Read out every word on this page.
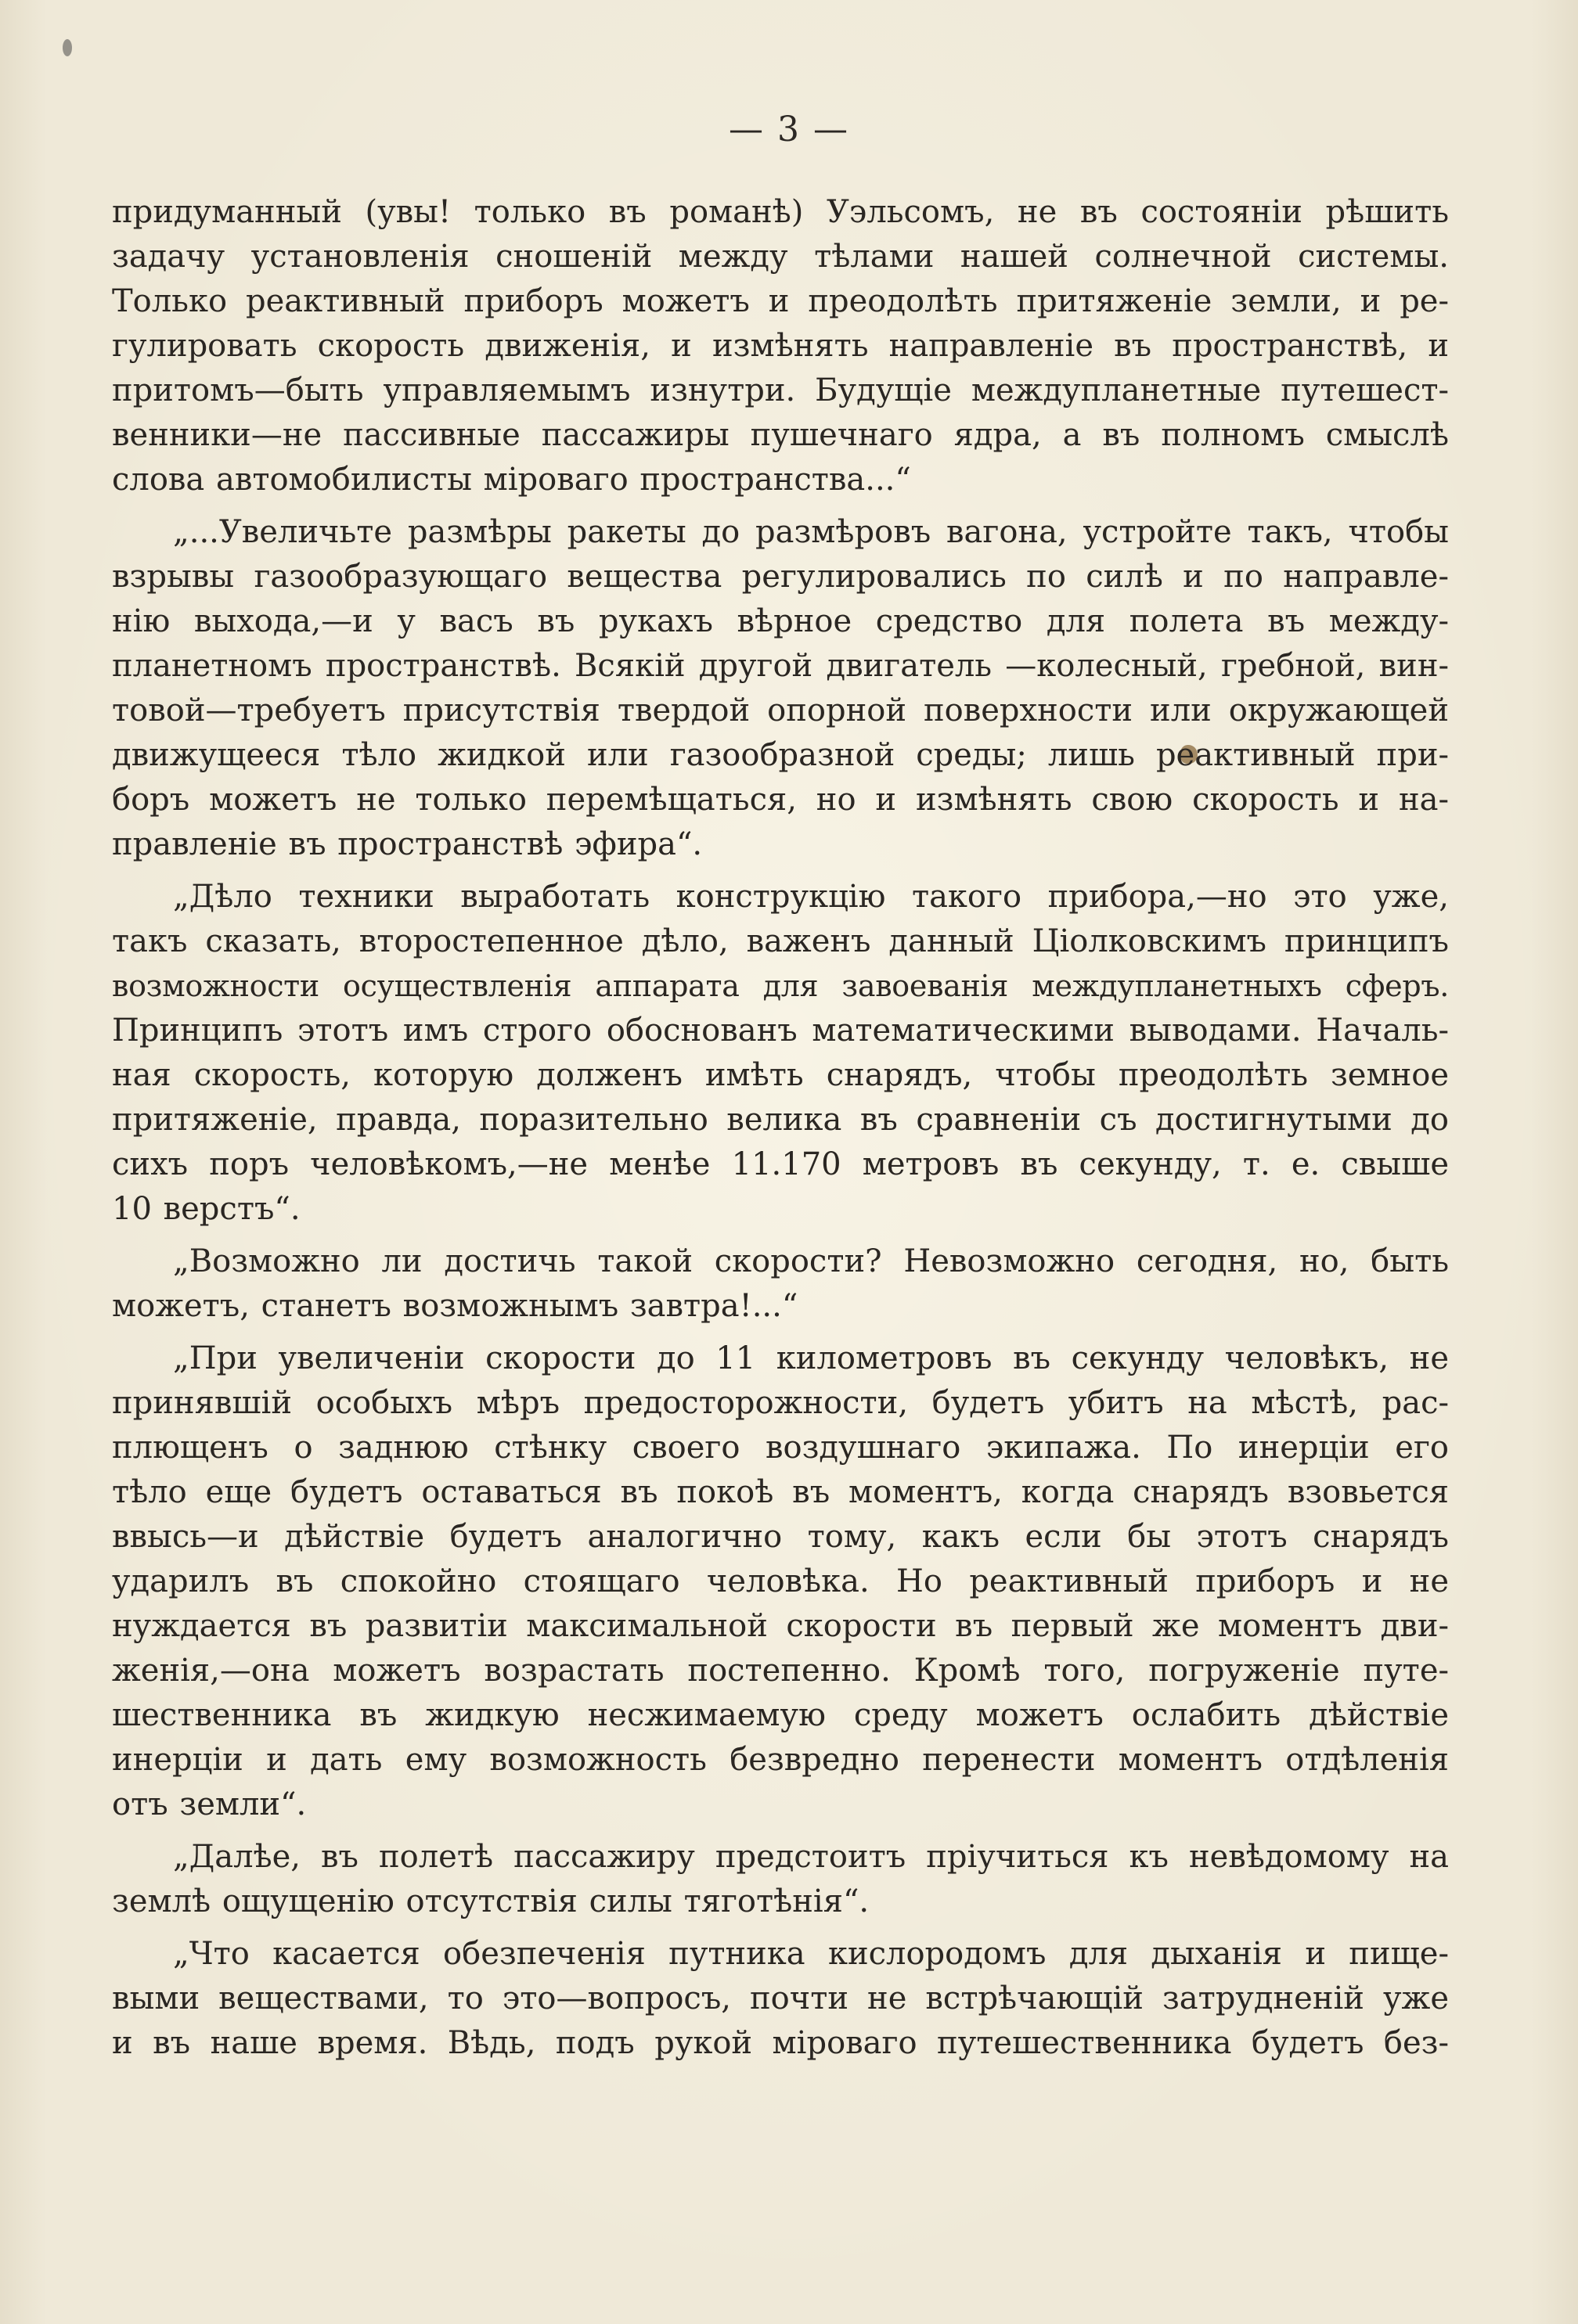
— 3 —
придуманный (увы! только въ романѣ) Уэльсомъ, не въ состояніи рѣшить
задачу установленія сношеній между тѣлами нашей солнечной системы.
Только реактивный приборъ можетъ и преодолѣть притяженіе земли, и ре-
гулировать скорость движенія, и измѣнять направленіе въ пространствѣ, и
притомъ—быть управляемымъ изнутри. Будущіе междупланетные путешест-
венники—не пассивные пассажиры пушечнаго ядра, а въ полномъ смыслѣ
слова автомобилисты міроваго пространства...“
„...Увеличьте размѣры ракеты до размѣровъ вагона, устройте такъ, чтобы
взрывы газообразующаго вещества регулировались по силѣ и по направле-
нію выхода,—и у васъ въ рукахъ вѣрное средство для полета въ между-
планетномъ пространствѣ. Всякій другой двигатель —колесный, гребной, вин-
товой—требуетъ присутствія твердой опорной поверхности или окружающей
движущееся тѣло жидкой или газообразной среды; лишь реактивный при-
боръ можетъ не только перемѣщаться, но и измѣнять свою скорость и на-
правленіе въ пространствѣ эфира“.
„Дѣло техники выработать конструкцію такого прибора,—но это уже,
такъ сказать, второстепенное дѣло, важенъ данный Ціолковскимъ принципъ
возможности осуществленія аппарата для завоеванія междупланетныхъ сферъ.
Принципъ этотъ имъ строго обоснованъ математическими выводами. Началь-
ная скорость, которую долженъ имѣть снарядъ, чтобы преодолѣть земное
притяженіе, правда, поразительно велика въ сравненіи съ достигнутыми до
сихъ поръ человѣкомъ,—не менѣе 11.170 метровъ въ секунду, т. е. свыше
10 верстъ“.
„Возможно ли достичь такой скорости? Невозможно сегодня, но, быть
можетъ, станетъ возможнымъ завтра!...“
„При увеличеніи скорости до 11 километровъ въ секунду человѣкъ, не
принявшій особыхъ мѣръ предосторожности, будетъ убитъ на мѣстѣ, рас-
плющенъ о заднюю стѣнку своего воздушнаго экипажа. По инерціи его
тѣло еще будетъ оставаться въ покоѣ въ моментъ, когда снарядъ взовьется
ввысь—и дѣйствіе будетъ аналогично тому, какъ если бы этотъ снарядъ
ударилъ въ спокойно стоящаго человѣка. Но реактивный приборъ и не
нуждается въ развитіи максимальной скорости въ первый же моментъ дви-
женія,—она можетъ возрастать постепенно. Кромѣ того, погруженіе путе-
шественника въ жидкую несжимаемую среду можетъ ослабить дѣйствіе
инерціи и дать ему возможность безвредно перенести моментъ отдѣленія
отъ земли“.
„Далѣе, въ полетѣ пассажиру предстоитъ пріучиться къ невѣдомому на
землѣ ощущенію отсутствія силы тяготѣнія“.
„Что касается обезпеченія путника кислородомъ для дыханія и пище-
выми веществами, то это—вопросъ, почти не встрѣчающій затрудненій уже
и въ наше время. Вѣдь, подъ рукой міроваго путешественника будетъ без-
